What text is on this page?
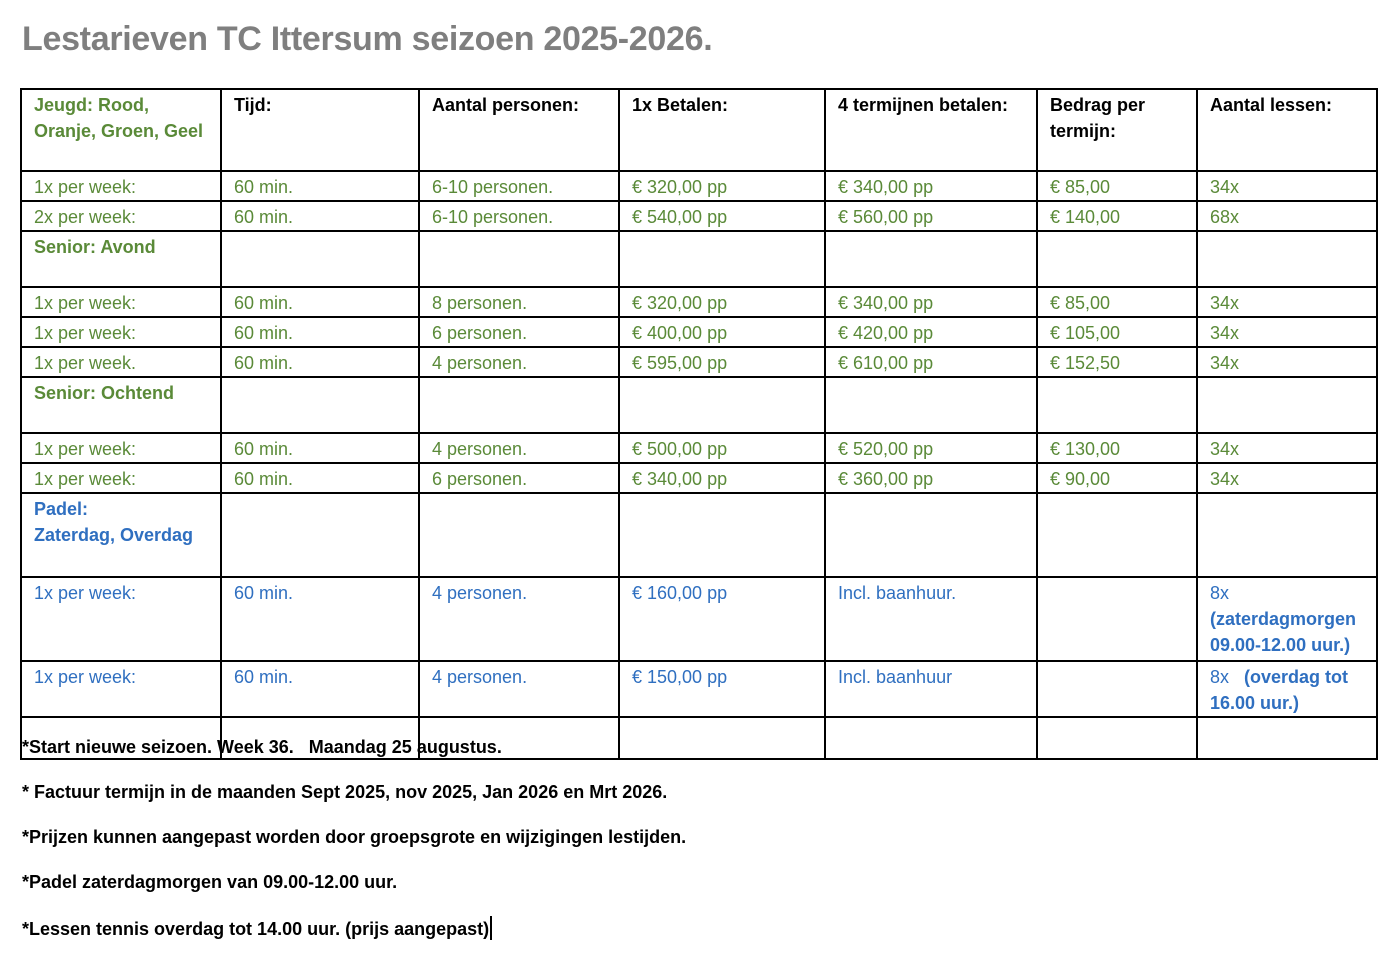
Lestarieven TC Ittersum seizoen 2025-2026.
Jeugd: Rood, Oranje, Groen, Geel	Tijd:	Aantal personen:	1x Betalen:	4 termijnen betalen:	Bedrag per termijn:	Aantal lessen:
1x per week:	60 min.	6-10 personen.	€ 320,00 pp	€ 340,00 pp	€ 85,00	34x
2x per week:	60 min.	6-10 personen.	€ 540,00 pp	€ 560,00 pp	€ 140,00	68x
Senior: Avond						
1x per week:	60 min.	8 personen.	€ 320,00 pp	€ 340,00 pp	€ 85,00	34x
1x per week:	60 min.	6 personen.	€ 400,00 pp	€ 420,00 pp	€ 105,00	34x
1x per week.	60 min.	4 personen.	€ 595,00 pp	€ 610,00 pp	€ 152,50	34x
Senior: Ochtend						
1x per week:	60 min.	4 personen.	€ 500,00 pp	€ 520,00 pp	€ 130,00	34x
1x per week:	60 min.	6 personen.	€ 340,00 pp	€ 360,00 pp	€ 90,00	34x

Padel:
Zaterdag, Overdag						

1x per week:	60 min.	4 personen.	€ 160,00 pp	Incl. baanhuur.		8x
(zaterdagmorgen 09.00-12.00 uur.)
1x per week:	60 min.	4 personen.	€ 150,00 pp	Incl. baanhuur		8x (overdag tot 16.00 uur.)

*Start nieuwe seizoen. Week 36.   Maandag 25 augustus.

* Factuur termijn in de maanden Sept 2025, nov 2025, Jan 2026 en Mrt 2026.

*Prijzen kunnen aangepast worden door groepsgrote en wijzigingen lestijden.

*Padel zaterdagmorgen van 09.00-12.00 uur.

*Lessen tennis overdag tot 14.00 uur. (prijs aangepast)
